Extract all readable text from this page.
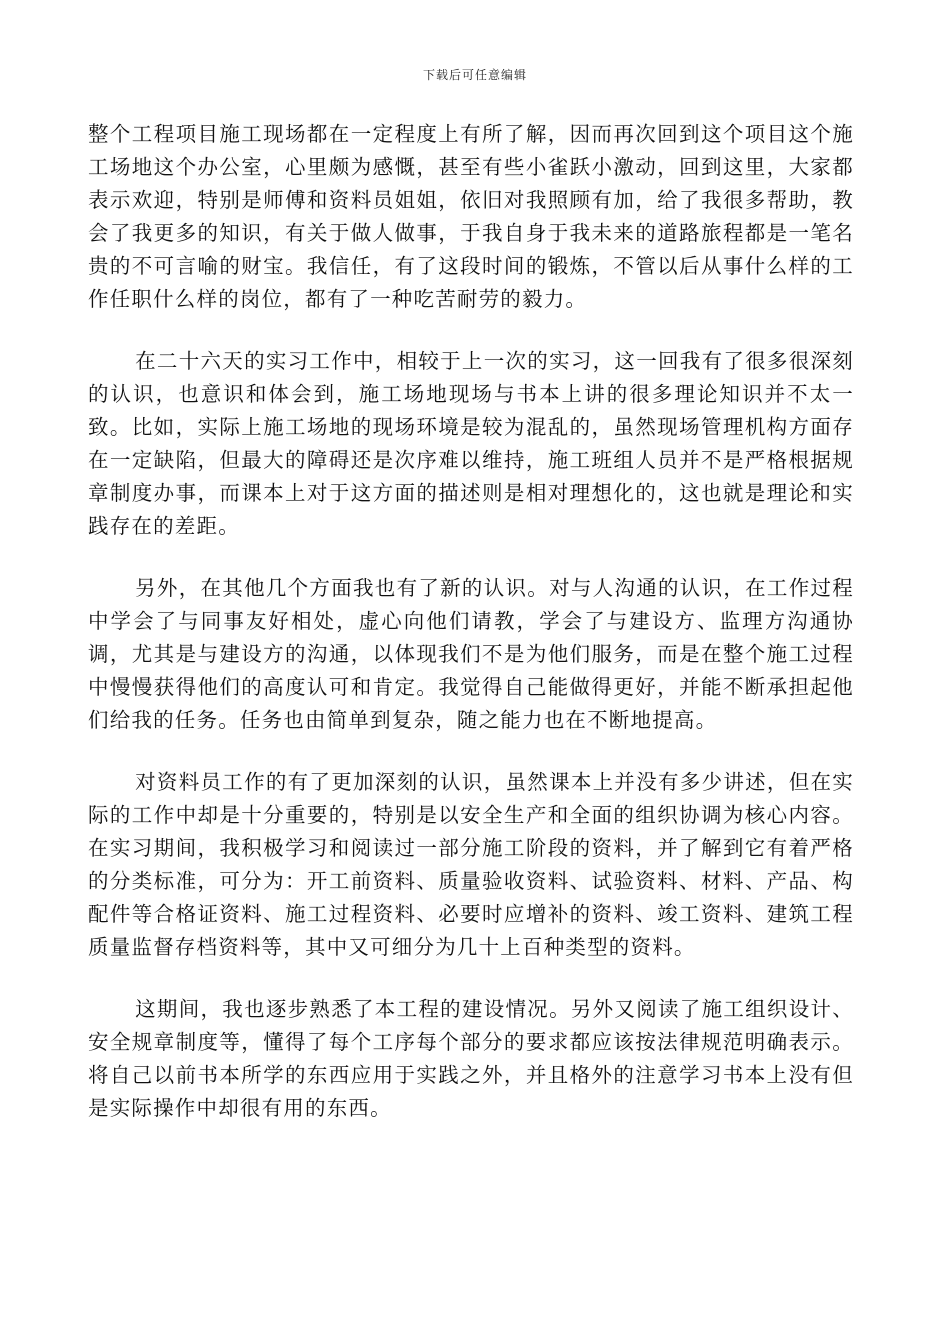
下载后可任意编辑

整个工程项目施工现场都在一定程度上有所了解，因而再次回到这个项目这个施工场地这个办公室，心里颇为感慨，甚至有些小雀跃小激动，回到这里，大家都表示欢迎，特别是师傅和资料员姐姐，依旧对我照顾有加，给了我很多帮助，教会了我更多的知识，有关于做人做事，于我自身于我未来的道路旅程都是一笔名贵的不可言喻的财宝。我信任，有了这段时间的锻炼，不管以后从事什么样的工作任职什么样的岗位，都有了一种吃苦耐劳的毅力。

在二十六天的实习工作中，相较于上一次的实习，这一回我有了很多很深刻的认识，也意识和体会到，施工场地现场与书本上讲的很多理论知识并不太一致。比如，实际上施工场地的现场环境是较为混乱的，虽然现场管理机构方面存在一定缺陷，但最大的障碍还是次序难以维持，施工班组人员并不是严格根据规章制度办事，而课本上对于这方面的描述则是相对理想化的，这也就是理论和实践存在的差距。

另外，在其他几个方面我也有了新的认识。对与人沟通的认识，在工作过程中学会了与同事友好相处，虚心向他们请教，学会了与建设方、监理方沟通协调，尤其是与建设方的沟通，以体现我们不是为他们服务，而是在整个施工过程中慢慢获得他们的高度认可和肯定。我觉得自己能做得更好，并能不断承担起他们给我的任务。任务也由简单到复杂，随之能力也在不断地提高。

对资料员工作的有了更加深刻的认识，虽然课本上并没有多少讲述，但在实际的工作中却是十分重要的，特别是以安全生产和全面的组织协调为核心内容。在实习期间，我积极学习和阅读过一部分施工阶段的资料，并了解到它有着严格的分类标准，可分为：开工前资料、质量验收资料、试验资料、材料、产品、构配件等合格证资料、施工过程资料、必要时应增补的资料、竣工资料、建筑工程质量监督存档资料等，其中又可细分为几十上百种类型的资料。

这期间，我也逐步熟悉了本工程的建设情况。另外又阅读了施工组织设计、安全规章制度等，懂得了每个工序每个部分的要求都应该按法律规范明确表示。将自己以前书本所学的东西应用于实践之外，并且格外的注意学习书本上没有但是实际操作中却很有用的东西。
